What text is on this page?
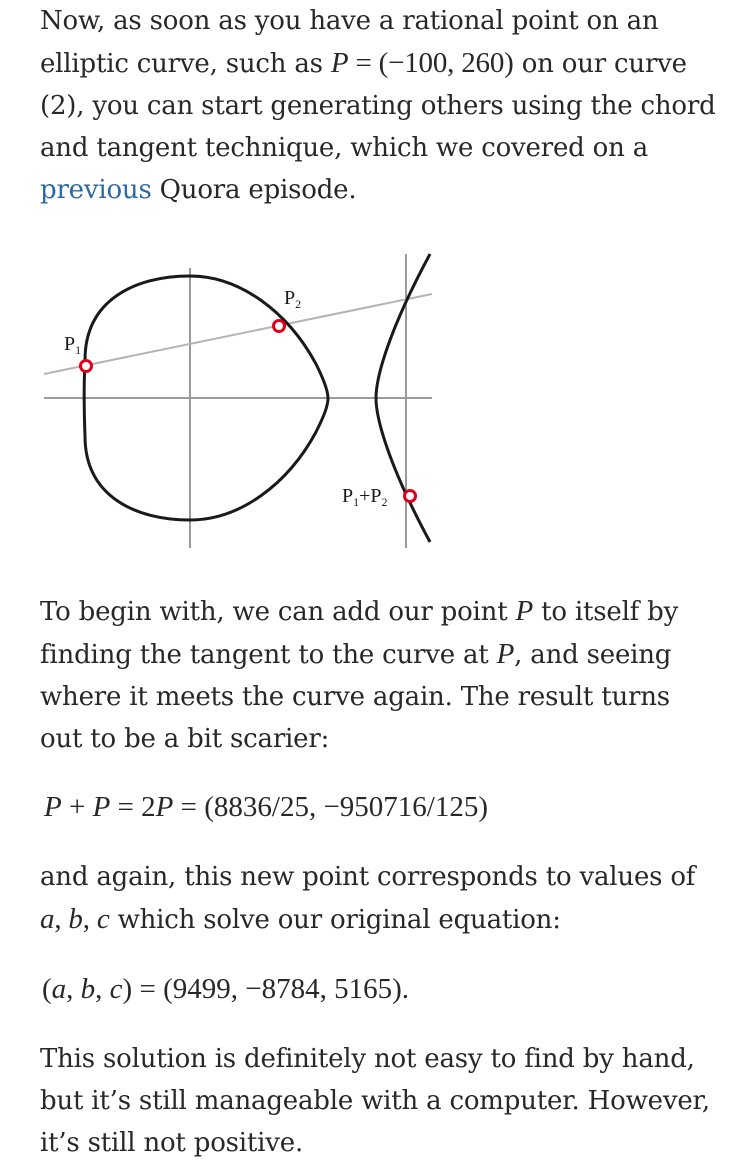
Now, as soon as you have a rational point on an elliptic curve, such as P = (−100, 260) on our curve (2), you can start generating others using the chord and tangent technique, which we covered on a previous Quora episode.

$P_1$
$P_2$
$P_1+P_2$

To begin with, we can add our point P to itself by finding the tangent to the curve at P, and seeing where it meets the curve again. The result turns out to be a bit scarier:

P + P = 2P = (8836/25, −950716/125)

and again, this new point corresponds to values of a, b, c which solve our original equation:

(a, b, c) = (9499, −8784, 5165).

This solution is definitely not easy to find by hand, but it’s still manageable with a computer. However, it’s still not positive.
